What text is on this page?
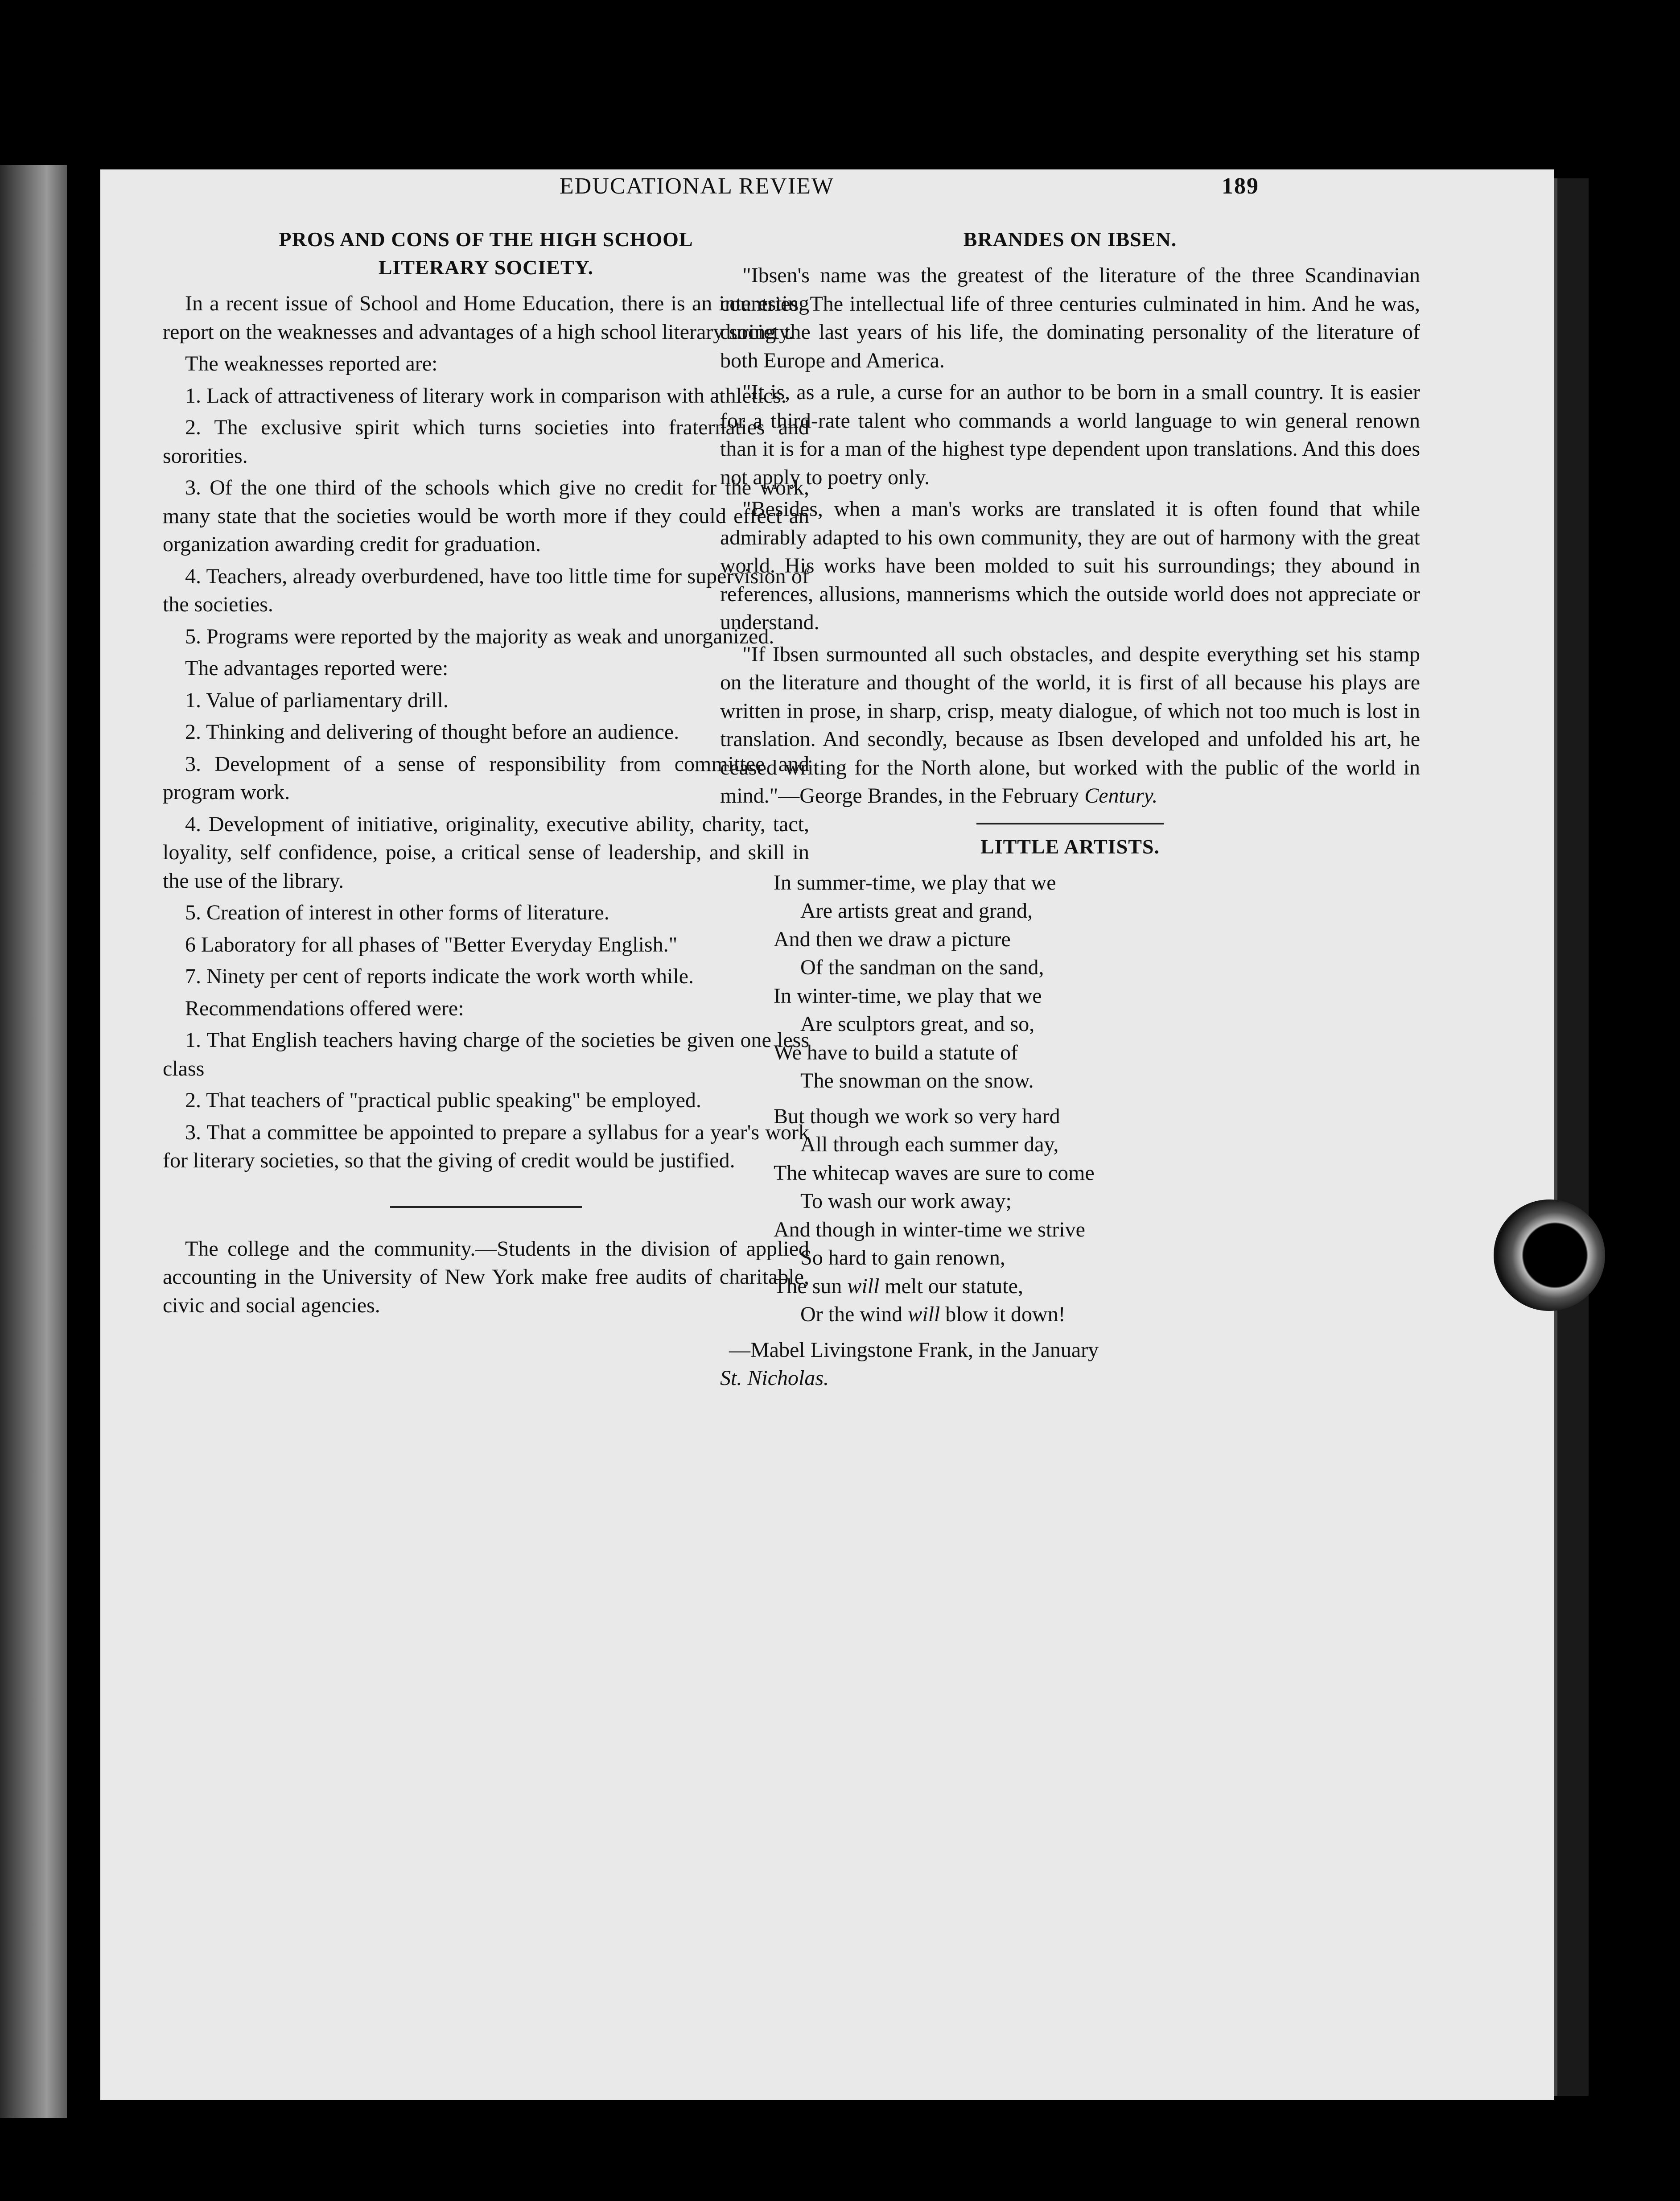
EDUCATIONAL REVIEW	189
PROS AND CONS OF THE HIGH SCHOOL
LITERARY SOCIETY.

In a recent issue of School and Home Education, there is an interesting report on the weaknesses and advantages of a high school literary society.

The weaknesses reported are:

1. Lack of attractiveness of literary work in comparison with athletics.

2. The exclusive spirit which turns societies into fraternaties and sororities.

3. Of the one third of the schools which give no credit for the work, many state that the societies would be worth more if they could effect an organization awarding credit for graduation.

4. Teachers, already overburdened, have too little time for supervision of the societies.

5. Programs were reported by the majority as weak and unorganized.

The advantages reported were:

1. Value of parliamentary drill.

2. Thinking and delivering of thought before an audience.

3. Development of a sense of responsibility from committee and program work.

4. Development of initiative, originality, executive ability, charity, tact, loyality, self confidence, poise, a critical sense of leadership, and skill in the use of the library.

5. Creation of interest in other forms of literature.

6 Laboratory for all phases of "Better Everyday English."

7. Ninety per cent of reports indicate the work worth while.

Recommendations offered were:

1. That English teachers having charge of the societies be given one less class

2. That teachers of "practical public speaking" be employed.

3. That a committee be appointed to prepare a syllabus for a year's work for literary societies, so that the giving of credit would be justified.

The college and the community.—Students in the division of applied accounting in the University of New York make free audits of charitable, civic and social agencies.

BRANDES ON IBSEN.

"Ibsen's name was the greatest of the literature of the three Scandinavian countries. The intellectual life of three centuries culminated in him. And he was, during the last years of his life, the dominating personality of the literature of both Europe and America.

"It is, as a rule, a curse for an author to be born in a small country. It is easier for a third-rate talent who commands a world language to win general renown than it is for a man of the highest type dependent upon translations. And this does not apply to poetry only.

"Besides, when a man's works are translated it is often found that while admirably adapted to his own community, they are out of harmony with the great world. His works have been molded to suit his surroundings; they abound in references, allusions, mannerisms which the outside world does not appreciate or understand.

"If Ibsen surmounted all such obstacles, and despite everything set his stamp on the literature and thought of the world, it is first of all because his plays are written in prose, in sharp, crisp, meaty dialogue, of which not too much is lost in translation. And secondly, because as Ibsen developed and unfolded his art, he ceased writing for the North alone, but worked with the public of the world in mind."—George Brandes, in the February Century.

LITTLE ARTISTS.
In summer-time, we play that we
Are artists great and grand,
And then we draw a picture
Of the sandman on the sand,
In winter-time, we play that we
Are sculptors great, and so,
We have to build a statute of
The snowman on the snow.
But though we work so very hard
All through each summer day,
The whitecap waves are sure to come
To wash our work away;
And though in winter-time we strive
So hard to gain renown,
The sun will melt our statute,
Or the wind will blow it down!

—Mabel Livingstone Frank, in the January
St. Nicholas.
